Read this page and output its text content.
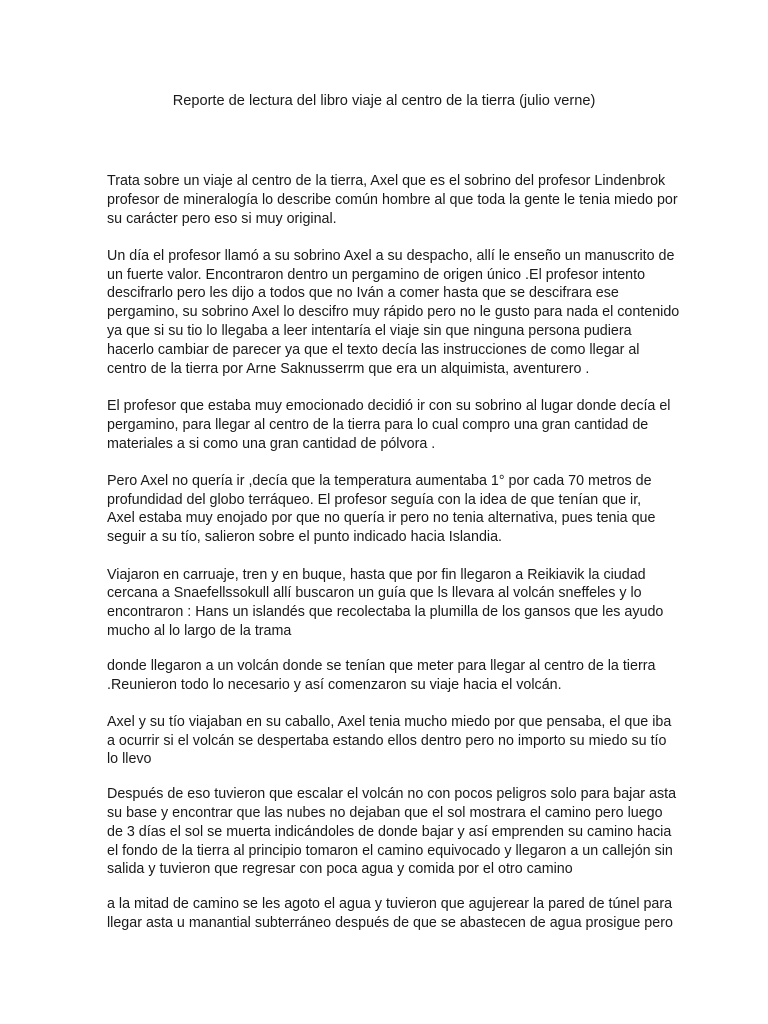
Reporte de lectura del libro viaje al centro de la tierra (julio verne)

Trata sobre un viaje al centro de la tierra, Axel que es el sobrino del profesor Lindenbrok
profesor de mineralogía lo describe común hombre al que toda la gente le tenia miedo por
su carácter pero eso si muy original.

Un día el profesor llamó a su sobrino Axel a su despacho, allí le enseño un manuscrito de
un fuerte valor. Encontraron dentro un pergamino de origen único .El profesor intento
descifrarlo pero les dijo a todos que no Iván a comer hasta que se descifrara ese
pergamino, su sobrino Axel lo descifro muy rápido pero no le gusto para nada el contenido
ya que si su tio lo llegaba a leer intentaría el viaje sin que ninguna persona pudiera
hacerlo cambiar de parecer ya que el texto decía las instrucciones de como llegar al
centro de la tierra por Arne Saknusserrm que era un alquimista, aventurero .

El profesor que estaba muy emocionado decidió ir con su sobrino al lugar donde decía el
pergamino, para llegar al centro de la tierra para lo cual compro una gran cantidad de
materiales a si como una gran cantidad de pólvora .

Pero Axel no quería ir ,decía que la temperatura aumentaba 1° por cada 70 metros de
profundidad del globo terráqueo. El profesor seguía con la idea de que tenían que ir,
Axel estaba muy enojado por que no quería ir pero no tenia alternativa, pues tenia que
seguir a su tío, salieron sobre el punto indicado hacia Islandia.

Viajaron en carruaje, tren y en buque, hasta que por fin llegaron a Reikiavik la ciudad
cercana a Snaefellssokull allí buscaron un guía que ls llevara al volcán sneffeles y lo
encontraron : Hans un islandés que recolectaba la plumilla de los gansos que les ayudo
mucho al lo largo de la trama

donde llegaron a un volcán donde se tenían que meter para llegar al centro de la tierra
.Reunieron todo lo necesario y así comenzaron su viaje hacia el volcán.

Axel y su tío viajaban en su caballo, Axel tenia mucho miedo por que pensaba, el que iba
a ocurrir si el volcán se despertaba estando ellos dentro pero no importo su miedo su tío
lo llevo

Después de eso tuvieron que escalar el volcán no con pocos peligros solo para bajar asta
su base y encontrar que las nubes no dejaban que el sol mostrara el camino pero luego
de 3 días el sol se muerta indicándoles de donde bajar y así emprenden su camino hacia
el fondo de la tierra al principio tomaron el camino equivocado y llegaron a un callejón sin
salida y tuvieron que regresar con poca agua y comida por el otro camino

a la mitad de camino se les agoto el agua y tuvieron que agujerear la pared de túnel para
llegar asta u manantial subterráneo después de que se abastecen de agua prosigue pero
